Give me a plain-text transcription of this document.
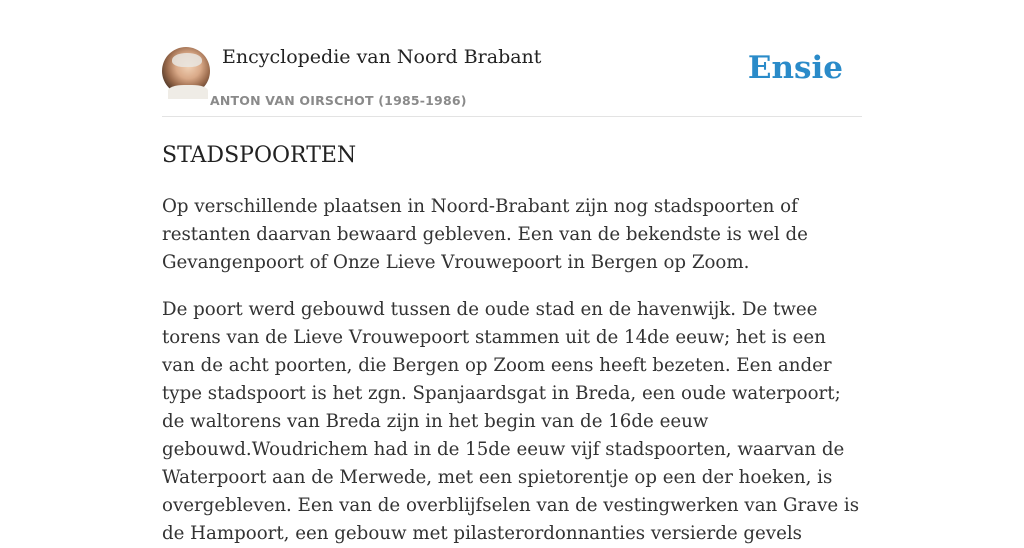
Encyclopedie van Noord Brabant
ANTON VAN OIRSCHOT (1985-1986)
Ensie
STADSPOORTEN

Op verschillende plaatsen in Noord-Brabant zijn nog stadspoorten of restanten daarvan bewaard gebleven. Een van de bekendste is wel de Gevangenpoort of Onze Lieve Vrouwepoort in Bergen op Zoom.

De poort werd gebouwd tussen de oude stad en de havenwijk. De twee torens van de Lieve Vrouwepoort stammen uit de 14de eeuw; het is een van de acht poorten, die Bergen op Zoom eens heeft bezeten. Een ander type stadspoort is het zgn. Spanjaardsgat in Breda, een oude waterpoort; de waltorens van Breda zijn in het begin van de 16de eeuw gebouwd.Woudrichem had in de 15de eeuw vijf stadspoorten, waarvan de Waterpoort aan de Merwede, met een spietorentje op een der hoeken, is overgebleven. Een van de overblijfselen van de vestingwerken van Grave is de Hampoort, een gebouw met pilasterordonnanties versierde gevels
